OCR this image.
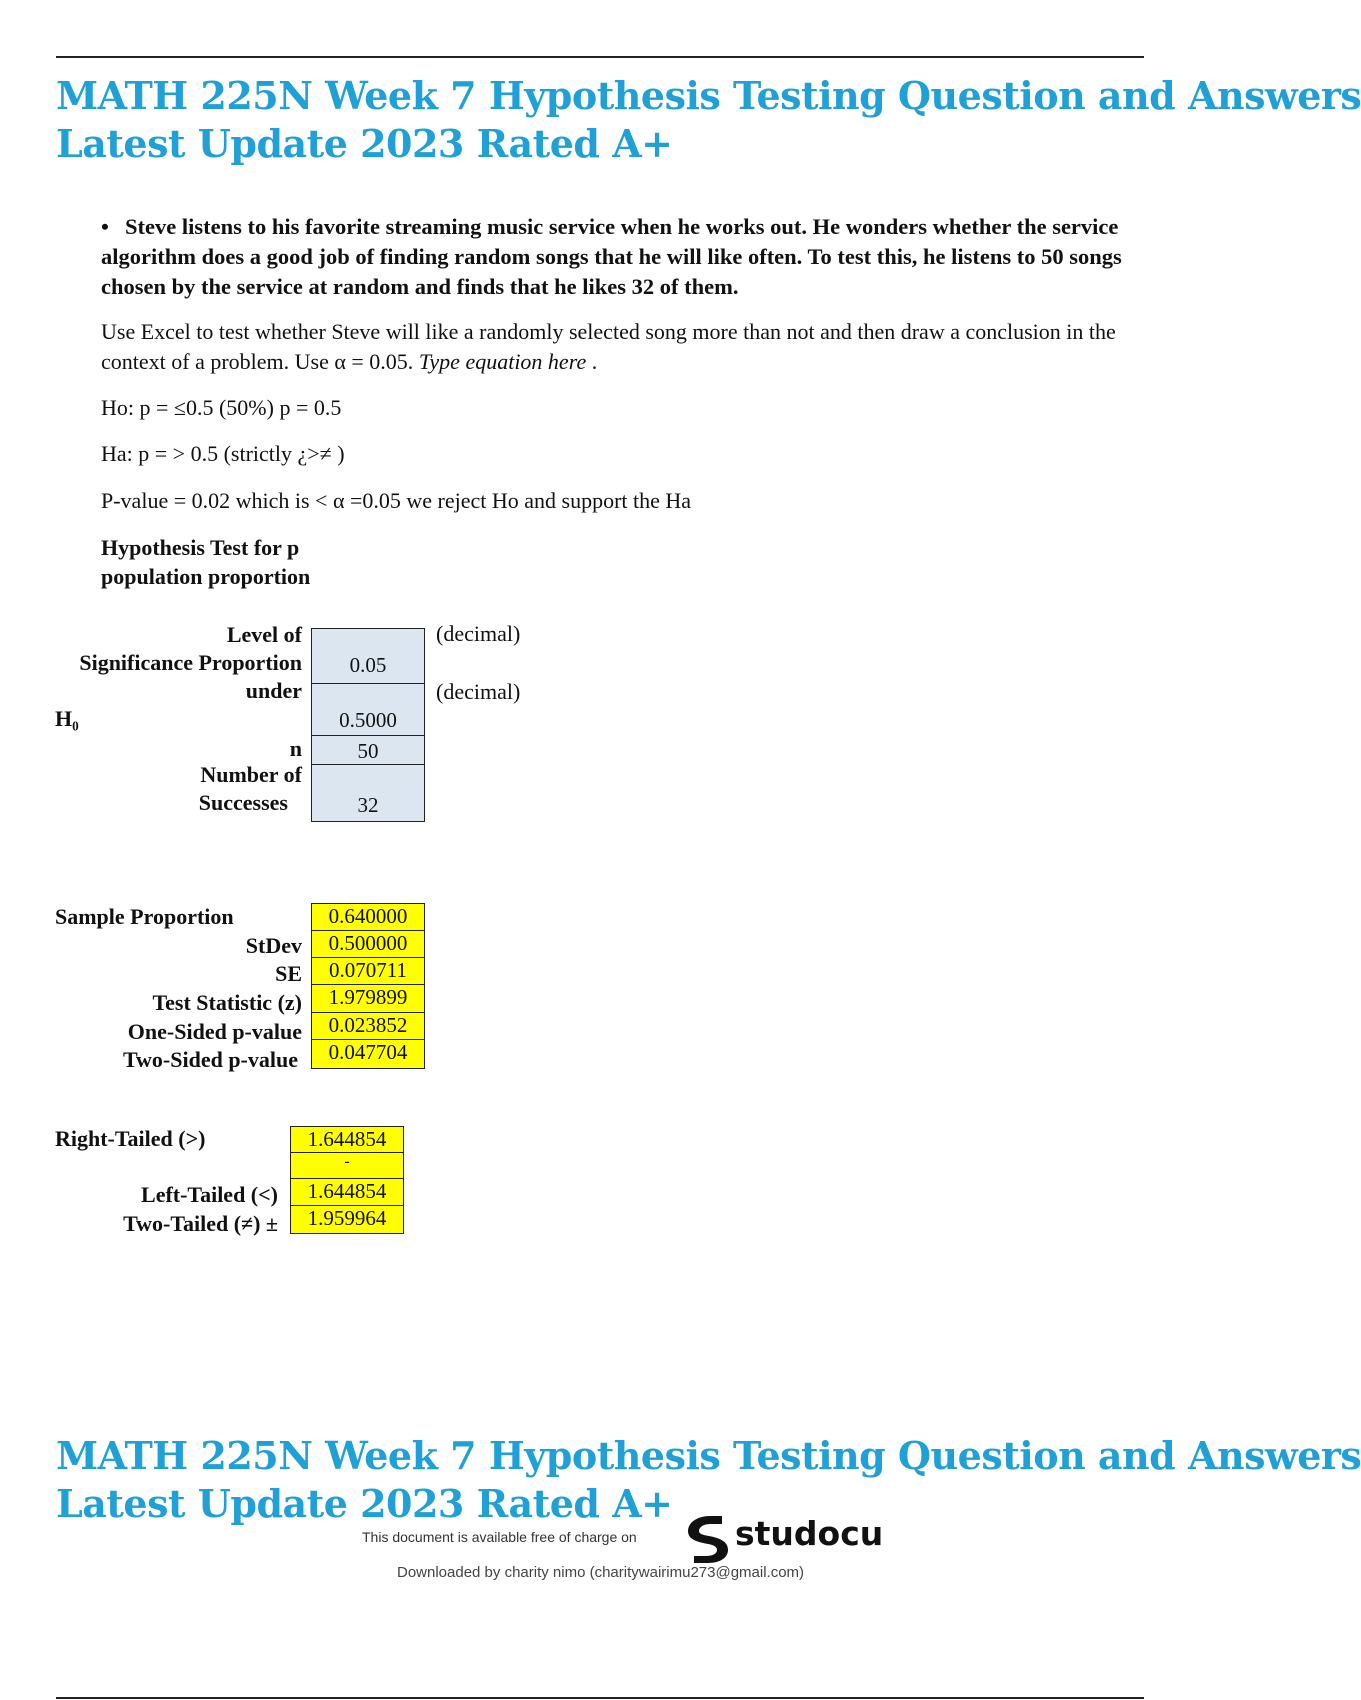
MATH 225N Week 7 Hypothesis Testing Question and Answers
Latest Update 2023 Rated A+
• Steve listens to his favorite streaming music service when he works out. He wonders whether the service algorithm does a good job of finding random songs that he will like often. To test this, he listens to 50 songs chosen by the service at random and finds that he likes 32 of them.
Use Excel to test whether Steve will like a randomly selected song more than not and then draw a conclusion in the context of a problem. Use α = 0.05. Type equation here .
Ho: p = ≤0.5 (50%) p = 0.5
Ha: p = > 0.5 (strictly ¿>≠ )
P-value = 0.02 which is < α =0.05 we reject Ho and support the Ha
Hypothesis Test for p
population proportion
Level of
Significance Proportion
under
H₀
n
Number of
Successes
0.05
0.5000
50
32
(decimal)
(decimal)
Sample Proportion
StDev
SE
Test Statistic (z)
One-Sided p-value
Two-Sided p-value
0.640000
0.500000
0.070711
1.979899
0.023852
0.047704
Right-Tailed (>)
Left-Tailed (<)
Two-Tailed (≠) ±
1.644854
-
1.644854
1.959964
MATH 225N Week 7 Hypothesis Testing Question and Answers
Latest Update 2023 Rated A+
This document is available free of charge on	studocu
Downloaded by charity nimo (charitywairimu273@gmail.com)
